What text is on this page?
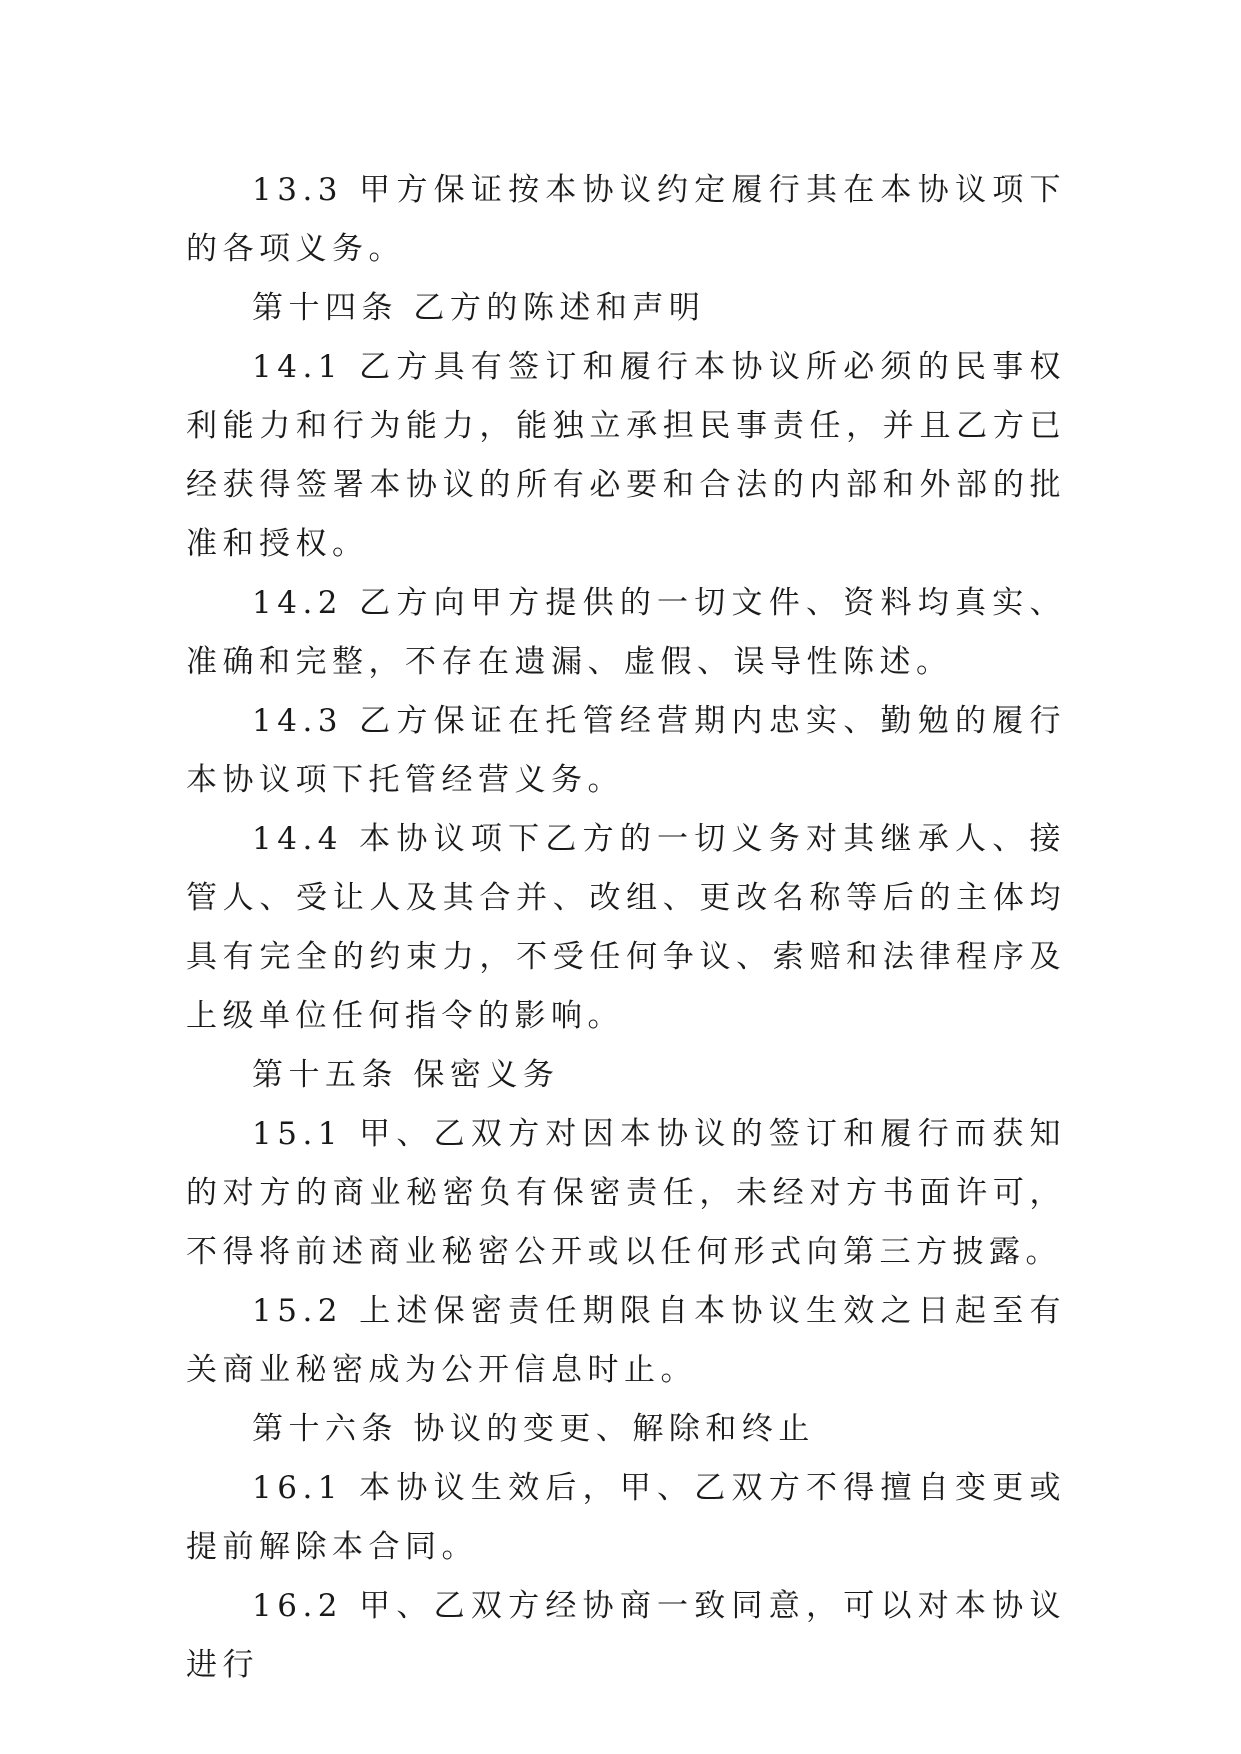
13.3 甲方保证按本协议约定履行其在本协议项下的各项义务。

第十四条 乙方的陈述和声明

14.1 乙方具有签订和履行本协议所必须的民事权利能力和行为能力，能独立承担民事责任，并且乙方已经获得签署本协议的所有必要和合法的内部和外部的批准和授权。

14.2 乙方向甲方提供的一切文件、资料均真实、准确和完整，不存在遗漏、虚假、误导性陈述。

14.3 乙方保证在托管经营期内忠实、勤勉的履行本协议项下托管经营义务。

14.4 本协议项下乙方的一切义务对其继承人、接管人、受让人及其合并、改组、更改名称等后的主体均具有完全的约束力，不受任何争议、索赔和法律程序及上级单位任何指令的影响。

第十五条 保密义务

15.1 甲、乙双方对因本协议的签订和履行而获知的对方的商业秘密负有保密责任，未经对方书面许可，不得将前述商业秘密公开或以任何形式向第三方披露。

15.2 上述保密责任期限自本协议生效之日起至有关商业秘密成为公开信息时止。

第十六条 协议的变更、解除和终止

16.1 本协议生效后，甲、乙双方不得擅自变更或提前解除本合同。

16.2 甲、乙双方经协商一致同意，可以对本协议进行
